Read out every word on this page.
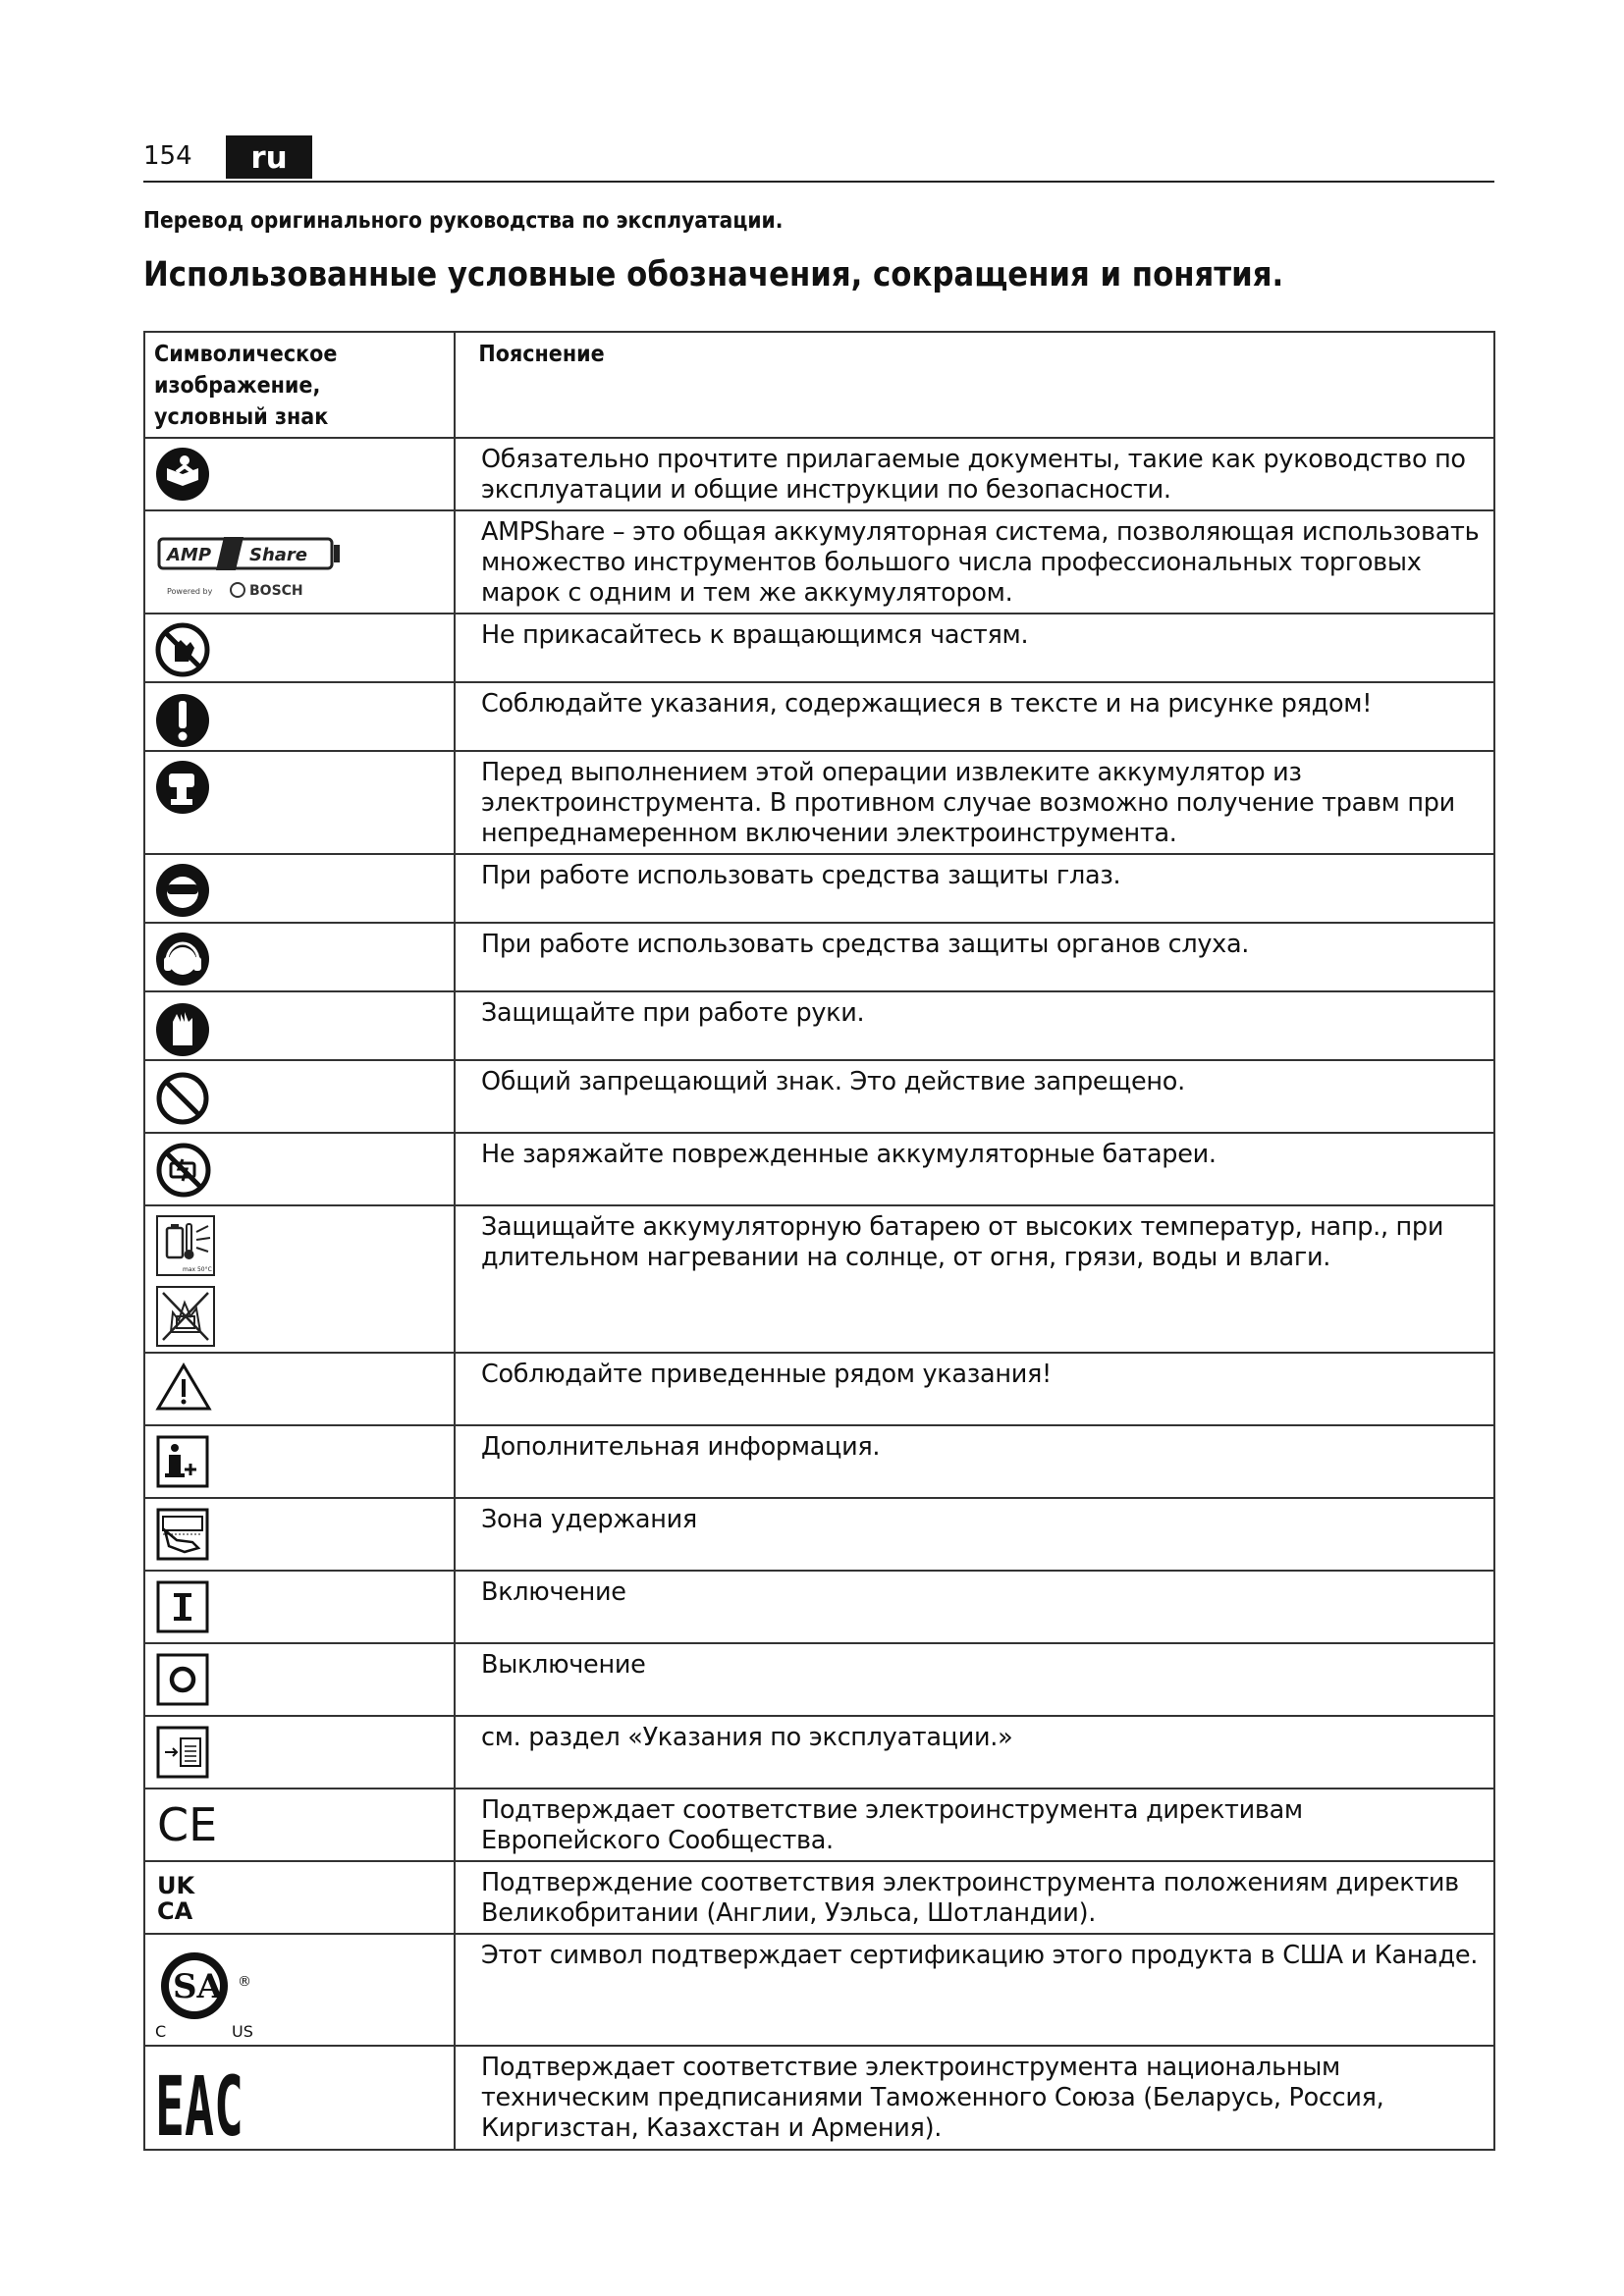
154	ru
Перевод оригинального руководства по эксплуатации.
Использованные условные обозначения, сокращения и понятия.
Символическое изображение, условный знак	Пояснение

	Обязательно прочтите прилагаемые документы, такие как руководство по эксплуатации и общие инструкции по безопасности.

AMP Share
Powered by BOSCH	AMPShare – это общая аккумуляторная система, позволяющая использовать множество инструментов большого числа профессиональных торговых марок с одним и тем же аккумулятором.

	Не прикасайтесь к вращающимся частям.

	Соблюдайте указания, содержащиеся в тексте и на рисунке рядом!

	Перед выполнением этой операции извлеките аккумулятор из электроинструмента. В противном случае возможно получение травм при непреднамеренном включении электроинструмента.

	При работе использовать средства защиты глаз.

	При работе использовать средства защиты органов слуха.

	Защищайте при работе руки.

	Общий запрещающий знак. Это действие запрещено.

	Не заряжайте поврежденные аккумуляторные батареи.

max 50°C	Защищайте аккумуляторную батарею от высоких температур, напр., при длительном нагревании на солнце, от огня, грязи, воды и влаги.

	Соблюдайте приведенные рядом указания!

	Дополнительная информация.

	Зона удержания

	Включение

	Выключение

	см. раздел «Указания по эксплуатации.»

CE	Подтверждает соответствие электроинструмента директивам Европейского Сообщества.

UK
CA	Подтверждение соответствия электроинструмента положениям директив Великобритании (Англии, Уэльса, Шотландии).

SA ®
C US	Этот символ подтверждает сертификацию этого продукта в США и Канаде.

EAC	Подтверждает соответствие электроинструмента национальным техническим предписаниями Таможенного Союза (Беларусь, Россия, Киргизстан, Казахстан и Армения).
